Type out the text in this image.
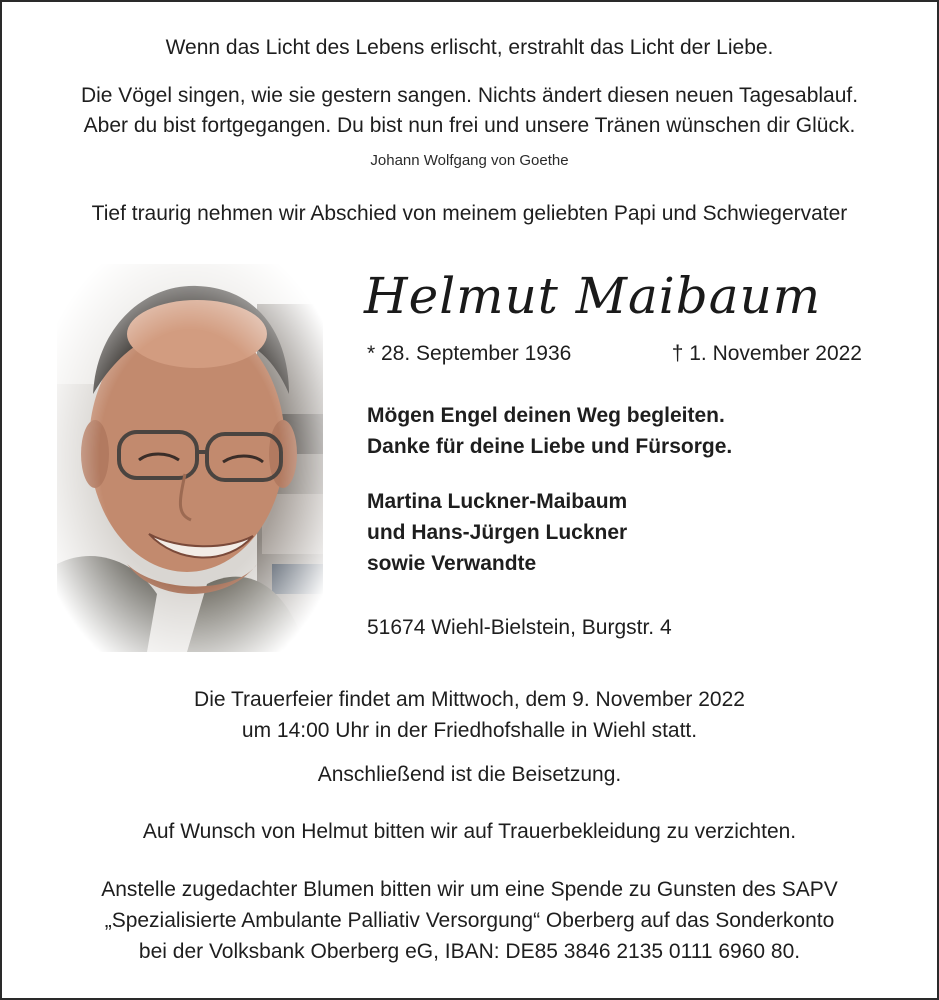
Wenn das Licht des Lebens erlischt, erstrahlt das Licht der Liebe.
Die Vögel singen, wie sie gestern sangen. Nichts ändert diesen neuen Tagesablauf.
Aber du bist fortgegangen. Du bist nun frei und unsere Tränen wünschen dir Glück.
Johann Wolfgang von Goethe
Tief traurig nehmen wir Abschied von meinem geliebten Papi und Schwiegervater
Helmut Maibaum
* 28. September 1936	† 1. November 2022
Mögen Engel deinen Weg begleiten.
Danke für deine Liebe und Fürsorge.
Martina Luckner-Maibaum
und Hans-Jürgen Luckner
sowie Verwandte
51674 Wiehl-Bielstein, Burgstr. 4
Die Trauerfeier findet am Mittwoch, dem 9. November 2022
um 14:00 Uhr in der Friedhofshalle in Wiehl statt.
Anschließend ist die Beisetzung.
Auf Wunsch von Helmut bitten wir auf Trauerbekleidung zu verzichten.
Anstelle zugedachter Blumen bitten wir um eine Spende zu Gunsten des SAPV
„Spezialisierte Ambulante Palliativ Versorgung“ Oberberg auf das Sonderkonto
bei der Volksbank Oberberg eG, IBAN: DE85 3846 2135 0111 6960 80.
